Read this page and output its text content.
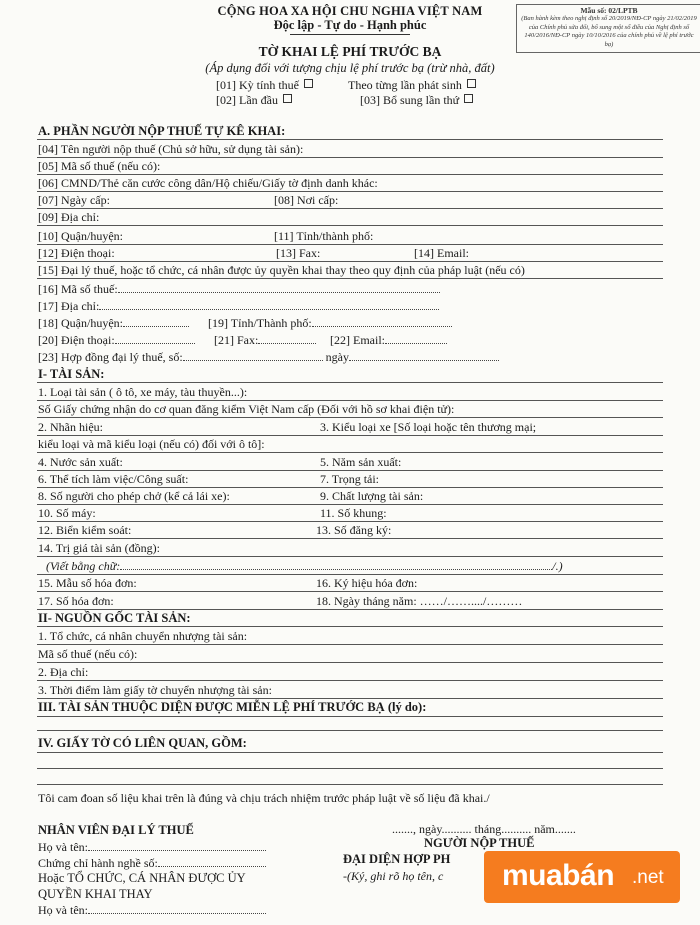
CỘNG HOA XA HỘI CHU NGHIA VIỆT NAM
Độc lập - Tự do - Hạnh phúc
Mẫu số: 02/LPTB
(Ban hành kèm theo nghị định số 20/2019/NĐ-CP ngày 21/02/2019 của Chính phủ sửa đổi, bổ sung một số điều của Nghị định số 140/2016/NĐ-CP ngày 10/10/2016 của chính phủ về lệ phí trước bạ)
TỜ KHAI LỆ PHÍ TRƯỚC BẠ
(Áp dụng đối với tượng chịu lệ phí trước bạ (trừ nhà, đất)
[01] Kỳ tính thuế	Theo từng lần phát sinh
[02] Lần đầu	[03] Bổ sung lần thứ
A. PHẦN NGƯỜI NỘP THUẾ TỰ KÊ KHAI:
[04] Tên người nộp thuế (Chủ sở hữu, sử dụng tài sản):
[05] Mã số thuế (nếu có):
[06] CMND/Thẻ căn cước công dân/Hộ chiếu/Giấy tờ định danh khác:
[07] Ngày cấp:	[08] Nơi cấp:
[09] Địa chỉ:
[10] Quận/huyện:	[11] Tỉnh/thành phố:
[12] Điện thoại:	[13] Fax:	[14] Email:
[15] Đại lý thuế, hoặc tổ chức, cá nhân được ủy quyền khai thay theo quy định của pháp luật (nếu có)
[16] Mã số thuế:
[17] Địa chỉ:
[18] Quận/huyện:	[19] Tỉnh/Thành phố:
[20] Điện thoại:	[21] Fax:	[22] Email:
[23] Hợp đồng đại lý thuế, số:	ngày
I- TÀI SẢN:
1. Loại tài sản ( ô tô, xe máy, tàu thuyền...):
Số Giấy chứng nhận do cơ quan đăng kiểm Việt Nam cấp (Đối với hồ sơ khai điện tử):
2. Nhãn hiệu:	3. Kiểu loại xe [Số loại hoặc tên thương mại;
kiểu loại và mã kiểu loại (nếu có) đối với ô tô]:
4. Nước sản xuất:	5. Năm sản xuất:
6. Thể tích làm việc/Công suất:	7. Trọng tải:
8. Số người cho phép chở (kể cả lái xe):	9. Chất lượng tài sản:
10. Số máy:	11. Số khung:
12. Biển kiểm soát:	13. Số đăng ký:
14. Trị giá tài sản (đồng):
(Viết bằng chữ:	/.)
15. Mẫu số hóa đơn:	16. Ký hiệu hóa đơn:
17. Số hóa đơn:	18. Ngày tháng năm: ……/……..../………
II- NGUỒN GỐC TÀI SẢN:
1. Tổ chức, cá nhân chuyển nhượng tài sản:
Mã số thuế (nếu có):
2. Địa chỉ:
3. Thời điểm làm giấy tờ chuyển nhượng tài sản:
III. TÀI SẢN THUỘC DIỆN ĐƯỢC MIỄN LỆ PHÍ TRƯỚC BẠ (lý do):
IV. GIẤY TỜ CÓ LIÊN QUAN, GỒM:
Tôi cam đoan số liệu khai trên là đúng và chịu trách nhiệm trước pháp luật về số liệu đã khai./
......., ngày.......... tháng.......... năm.......
NHÂN VIÊN ĐẠI LÝ THUẾ
NGƯỜI NỘP THUẾ
Họ và tên:
ĐẠI DIỆN HỢP PH
Chứng chỉ hành nghề số:
-(Ký, ghi rõ họ tên, c
Hoặc TỔ CHỨC, CÁ NHÂN ĐƯỢC ỦY
QUYỀN KHAI THAY
Họ và tên:
muabán .net
